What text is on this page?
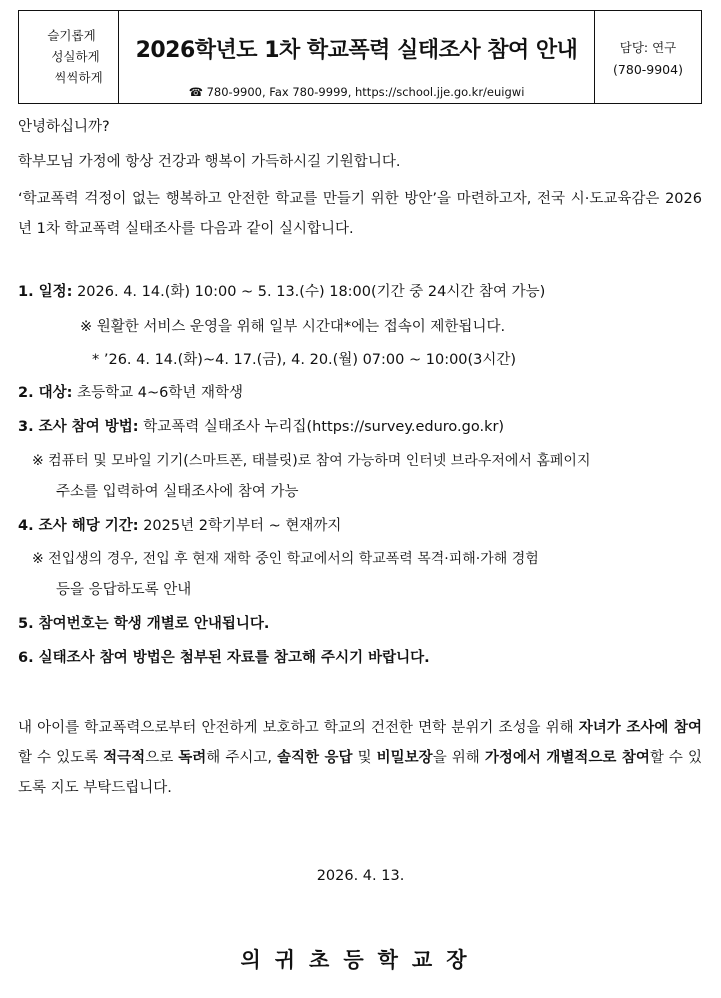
슬기롭게
성실하게
씩씩하게
2026학년도 1차 학교폭력 실태조사 참여 안내
☎ 780-9900, Fax 780-9999, https://school.jje.go.kr/euigwi
담당: 연구
(780-9904)
안녕하십니까?
학부모님 가정에 항상 건강과 행복이 가득하시길 기원합니다.
‘학교폭력 걱정이 없는 행복하고 안전한 학교를 만들기 위한 방안’을 마련하고자, 전국 시·도교육감은 2026년 1차 학교폭력 실태조사를 다음과 같이 실시합니다.
1. 일정: 2026. 4. 14.(화) 10:00 ~ 5. 13.(수) 18:00(기간 중 24시간 참여 가능)
※ 원활한 서비스 운영을 위해 일부 시간대*에는 접속이 제한됩니다.
* ’26. 4. 14.(화)~4. 17.(금), 4. 20.(월) 07:00 ~ 10:00(3시간)
2. 대상: 초등학교 4~6학년 재학생
3. 조사 참여 방법: 학교폭력 실태조사 누리집(https://survey.eduro.go.kr)
※ 컴퓨터 및 모바일 기기(스마트폰, 태블릿)로 참여 가능하며 인터넷 브라우저에서 홈페이지
주소를 입력하여 실태조사에 참여 가능
4. 조사 해당 기간: 2025년 2학기부터 ~ 현재까지
※ 전입생의 경우, 전입 후 현재 재학 중인 학교에서의 학교폭력 목격·피해·가해 경험
등을 응답하도록 안내
5. 참여번호는 학생 개별로 안내됩니다.
6. 실태조사 참여 방법은 첨부된 자료를 참고해 주시기 바랍니다.
내 아이를 학교폭력으로부터 안전하게 보호하고 학교의 건전한 면학 분위기 조성을 위해 자녀가 조사에 참여할 수 있도록 적극적으로 독려해 주시고, 솔직한 응답 및 비밀보장을 위해 가정에서 개별적으로 참여할 수 있도록 지도 부탁드립니다.
2026. 4. 13.
의귀초등학교장
